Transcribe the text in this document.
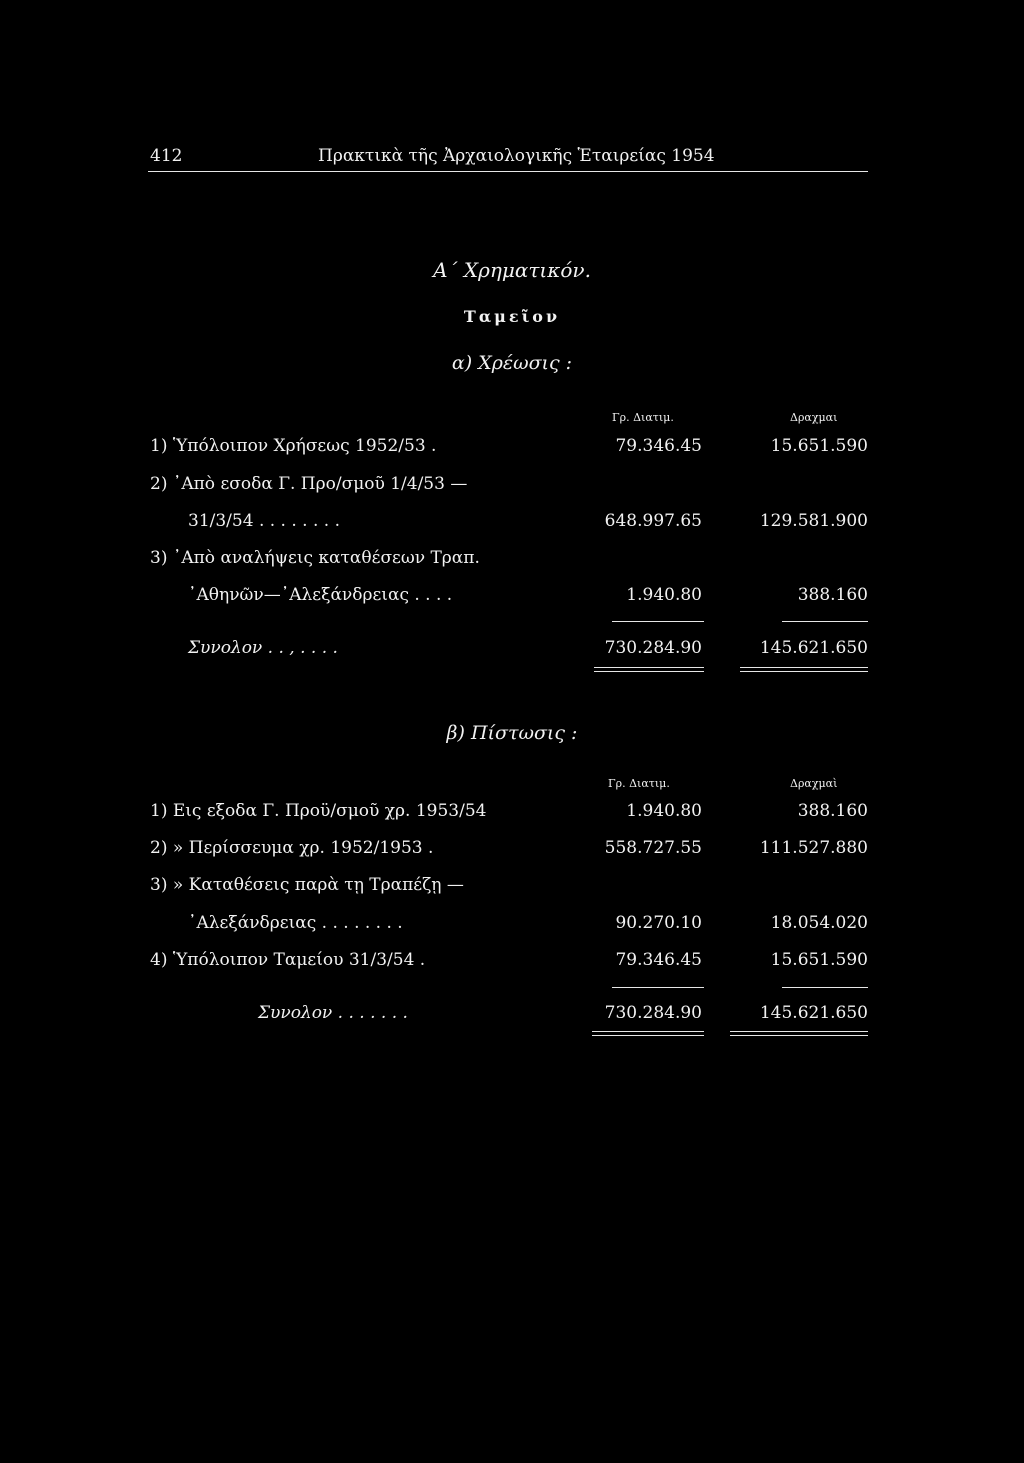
412	Πρακτικὰ τῆς Ἀρχαιολογικῆς Ἑταιρείας 1954
Α΄ Χρηματικόν.
Ταμεῖον
α) Χρέωσις :
Γρ. Διατιμ.	Δραχμαι
1) Ὑπόλοιπον Χρήσεως 1952/53 .	79.346.45	15.651.590
2) ᾿Απὸ εσοδα Γ. Προ/σμοῦ 1/4/53 —
31/3/54 . . . . . . . .	648.997.65	129.581.900
3) ᾿Απὸ αναλήψεις καταθέσεων Τραπ.
᾿Αθηνῶν—᾿Αλεξάνδρειας . . . .	1.940.80	388.160
Συνολον . . , . . . .	730.284.90	145.621.650
β) Πίστωσις :
Γρ. Διατιμ.	Δραχμαὶ
1) Εις εξοδα Γ. Προϋ/σμοῦ χρ. 1953/54	1.940.80	388.160
2) » Περίσσευμα χρ. 1952/1953 .	558.727.55	111.527.880
3) » Καταθέσεις παρὰ τῃ Τραπέζῃ —
᾿Αλεξάνδρειας . . . . . . . .	90.270.10	18.054.020
4) Ὑπόλοιπον Ταμείου 31/3/54 .	79.346.45	15.651.590
Συνολον . . . . . . .	730.284.90	145.621.650
